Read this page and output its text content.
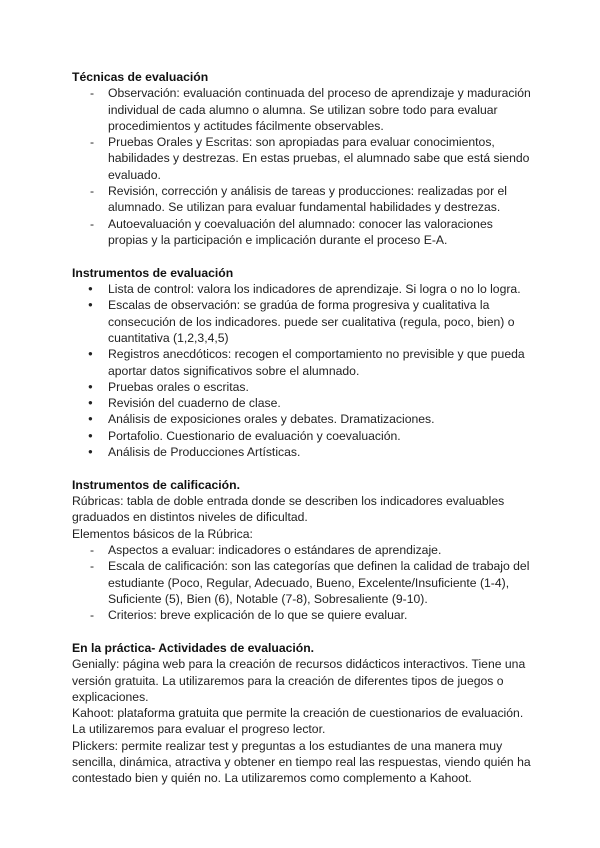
Técnicas de evaluación
- Observación: evaluación continuada del proceso de aprendizaje y maduración individual de cada alumno o alumna. Se utilizan sobre todo para evaluar procedimientos y actitudes fácilmente observables.
- Pruebas Orales y Escritas: son apropiadas para evaluar conocimientos, habilidades y destrezas. En estas pruebas, el alumnado sabe que está siendo evaluado.
- Revisión, corrección y análisis de tareas y producciones: realizadas por el alumnado. Se utilizan para evaluar fundamental habilidades y destrezas.
- Autoevaluación y coevaluación del alumnado: conocer las valoraciones propias y la participación e implicación durante el proceso E-A.
Instrumentos de evaluación
● Lista de control: valora los indicadores de aprendizaje. Si logra o no lo logra.
● Escalas de observación: se gradúa de forma progresiva y cualitativa la consecución de los indicadores. puede ser cualitativa (regula, poco, bien) o cuantitativa (1,2,3,4,5)
● Registros anecdóticos: recogen el comportamiento no previsible y que pueda aportar datos significativos sobre el alumnado.
● Pruebas orales o escritas.
● Revisión del cuaderno de clase.
● Análisis de exposiciones orales y debates. Dramatizaciones.
● Portafolio. Cuestionario de evaluación y coevaluación.
● Análisis de Producciones Artísticas.
Instrumentos de calificación.

Rúbricas: tabla de doble entrada donde se describen los indicadores evaluables graduados en distintos niveles de dificultad.

Elementos básicos de la Rúbrica:

- Aspectos a evaluar: indicadores o estándares de aprendizaje.
- Escala de calificación: son las categorías que definen la calidad de trabajo del estudiante (Poco, Regular, Adecuado, Bueno, Excelente/Insuficiente (1-4), Suficiente (5), Bien (6), Notable (7-8), Sobresaliente (9-10).
- Criterios: breve explicación de lo que se quiere evaluar.
En la práctica- Actividades de evaluación.

Genially: página web para la creación de recursos didácticos interactivos. Tiene una versión gratuita. La utilizaremos para la creación de diferentes tipos de juegos o explicaciones.

Kahoot: plataforma gratuita que permite la creación de cuestionarios de evaluación. La utilizaremos para evaluar el progreso lector.

Plickers: permite realizar test y preguntas a los estudiantes de una manera muy sencilla, dinámica, atractiva y obtener en tiempo real las respuestas, viendo quién ha contestado bien y quién no. La utilizaremos como complemento a Kahoot.
